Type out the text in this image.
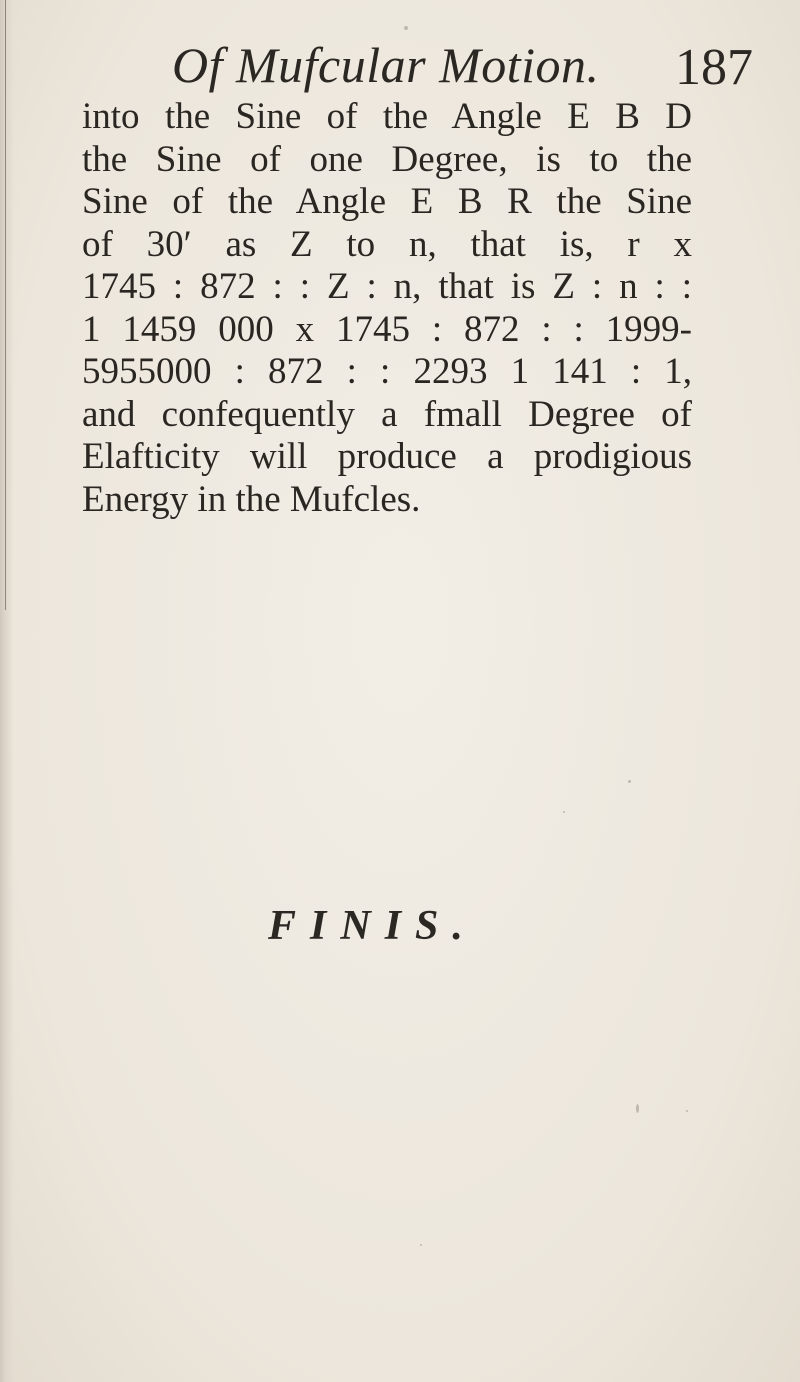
Of Mufcular Motion. 187
into the Sine of the Angle E B D
the Sine of one Degree, is to the
Sine of the Angle E B R the Sine
of 30′ as Z to n, that is, r x
1745 : 872 : : Z : n, that is Z : n : :
1 1459 000 x 1745 : 872 : : 1999-
5955000 : 872 : : 2293 1 141 : 1,
and confequently a fmall Degree of
Elafticity will produce a prodigious
Energy in the Mufcles.
FINIS.
